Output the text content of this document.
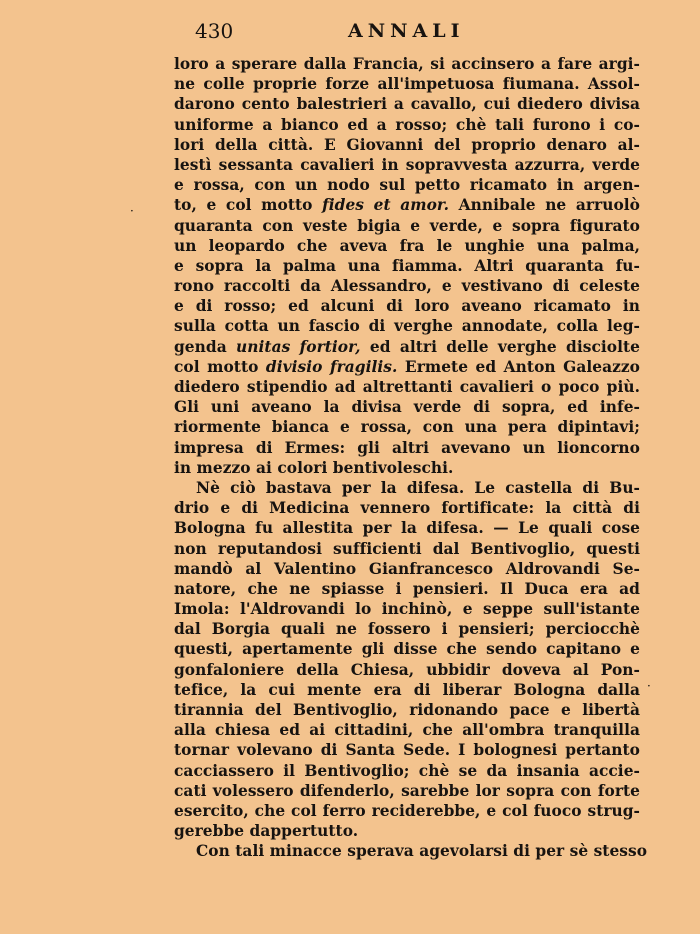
430	ANNALI
loro a sperare dalla Francia, si accinsero a fare argi-
ne colle proprie forze all'impetuosa fiumana. Assol-
darono cento balestrieri a cavallo, cui diedero divisa
uniforme a bianco ed a rosso; chè tali furono i co-
lori della città. E Giovanni del proprio denaro al-
lestì sessanta cavalieri in sopravvesta azzurra, verde
e rossa, con un nodo sul petto ricamato in argen-
to, e col motto fides et amor. Annibale ne arruolò
quaranta con veste bigia e verde, e sopra figurato
un leopardo che aveva fra le unghie una palma,
e sopra la palma una fiamma. Altri quaranta fu-
rono raccolti da Alessandro, e vestivano di celeste
e di rosso; ed alcuni di loro aveano ricamato in
sulla cotta un fascio di verghe annodate, colla leg-
genda unitas fortior, ed altri delle verghe disciolte
col motto divisio fragilis. Ermete ed Anton Galeazzo
diedero stipendio ad altrettanti cavalieri o poco più.
Gli uni aveano la divisa verde di sopra, ed infe-
riormente bianca e rossa, con una pera dipintavi;
impresa di Ermes: gli altri avevano un lioncorno
in mezzo ai colori bentivoleschi.
Nè ciò bastava per la difesa. Le castella di Bu-
drio e di Medicina vennero fortificate: la città di
Bologna fu allestita per la difesa. — Le quali cose
non reputandosi sufficienti dal Bentivoglio, questi
mandò al Valentino Gianfrancesco Aldrovandi Se-
natore, che ne spiasse i pensieri. Il Duca era ad
Imola: l'Aldrovandi lo inchinò, e seppe sull'istante
dal Borgia quali ne fossero i pensieri; perciocchè
questi, apertamente gli disse che sendo capitano e
gonfaloniere della Chiesa, ubbidir doveva al Pon-
tefice, la cui mente era di liberar Bologna dalla
tirannia del Bentivoglio, ridonando pace e libertà
alla chiesa ed ai cittadini, che all'ombra tranquilla
tornar volevano di Santa Sede. I bolognesi pertanto
cacciassero il Bentivoglio; chè se da insania accie-
cati volessero difenderlo, sarebbe lor sopra con forte
esercito, che col ferro reciderebbe, e col fuoco strug-
gerebbe dappertutto.
Con tali minacce sperava agevolarsi di per sè stesso
·
·
